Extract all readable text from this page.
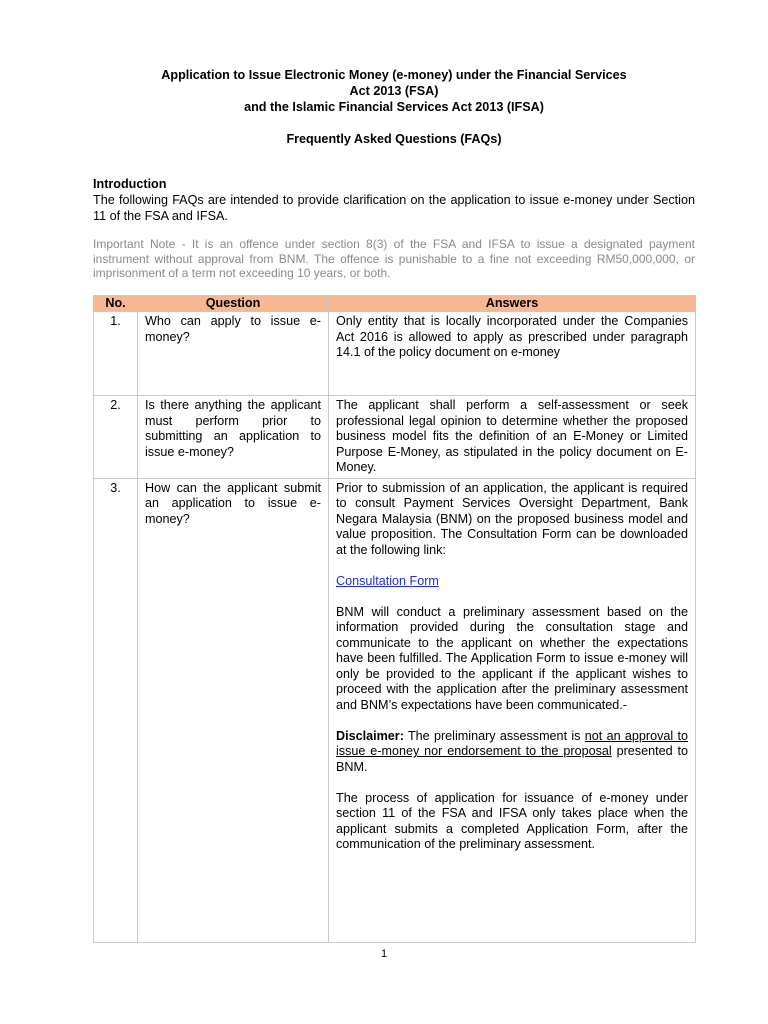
Application to Issue Electronic Money (e-money) under the Financial Services
Act 2013 (FSA)
and the Islamic Financial Services Act 2013 (IFSA)
Frequently Asked Questions (FAQs)
Introduction
The following FAQs are intended to provide clarification on the application to issue e-money under Section 11 of the FSA and IFSA.
Important Note - It is an offence under section 8(3) of the FSA and IFSA to issue a designated payment instrument without approval from BNM. The offence is punishable to a fine not exceeding RM50,000,000, or imprisonment of a term not exceeding 10 years, or both.
No.	Question	Answers
1.	Who can apply to issue e-money?	Only entity that is locally incorporated under the Companies Act 2016 is allowed to apply as prescribed under paragraph 14.1 of the policy document on e-money
2.	Is there anything the applicant must perform prior to submitting an application to issue e-money?	The applicant shall perform a self-assessment or seek professional legal opinion to determine whether the proposed business model fits the definition of an E-Money or Limited Purpose E-Money, as stipulated in the policy document on E-Money.
3.	How can the applicant submit an application to issue e-money?	Prior to submission of an application, the applicant is required to consult Payment Services Oversight Department, Bank Negara Malaysia (BNM) on the proposed business model and value proposition. The Consultation Form can be downloaded at the following link:
Consultation Form
BNM will conduct a preliminary assessment based on the information provided during the consultation stage and communicate to the applicant on whether the expectations have been fulfilled. The Application Form to issue e-money will only be provided to the applicant if the applicant wishes to proceed with the application after the preliminary assessment and BNM’s expectations have been communicated.-
Disclaimer: The preliminary assessment is not an approval to issue e-money nor endorsement to the proposal presented to BNM.
The process of application for issuance of e-money under section 11 of the FSA and IFSA only takes place when the applicant submits a completed Application Form, after the communication of the preliminary assessment.
1
